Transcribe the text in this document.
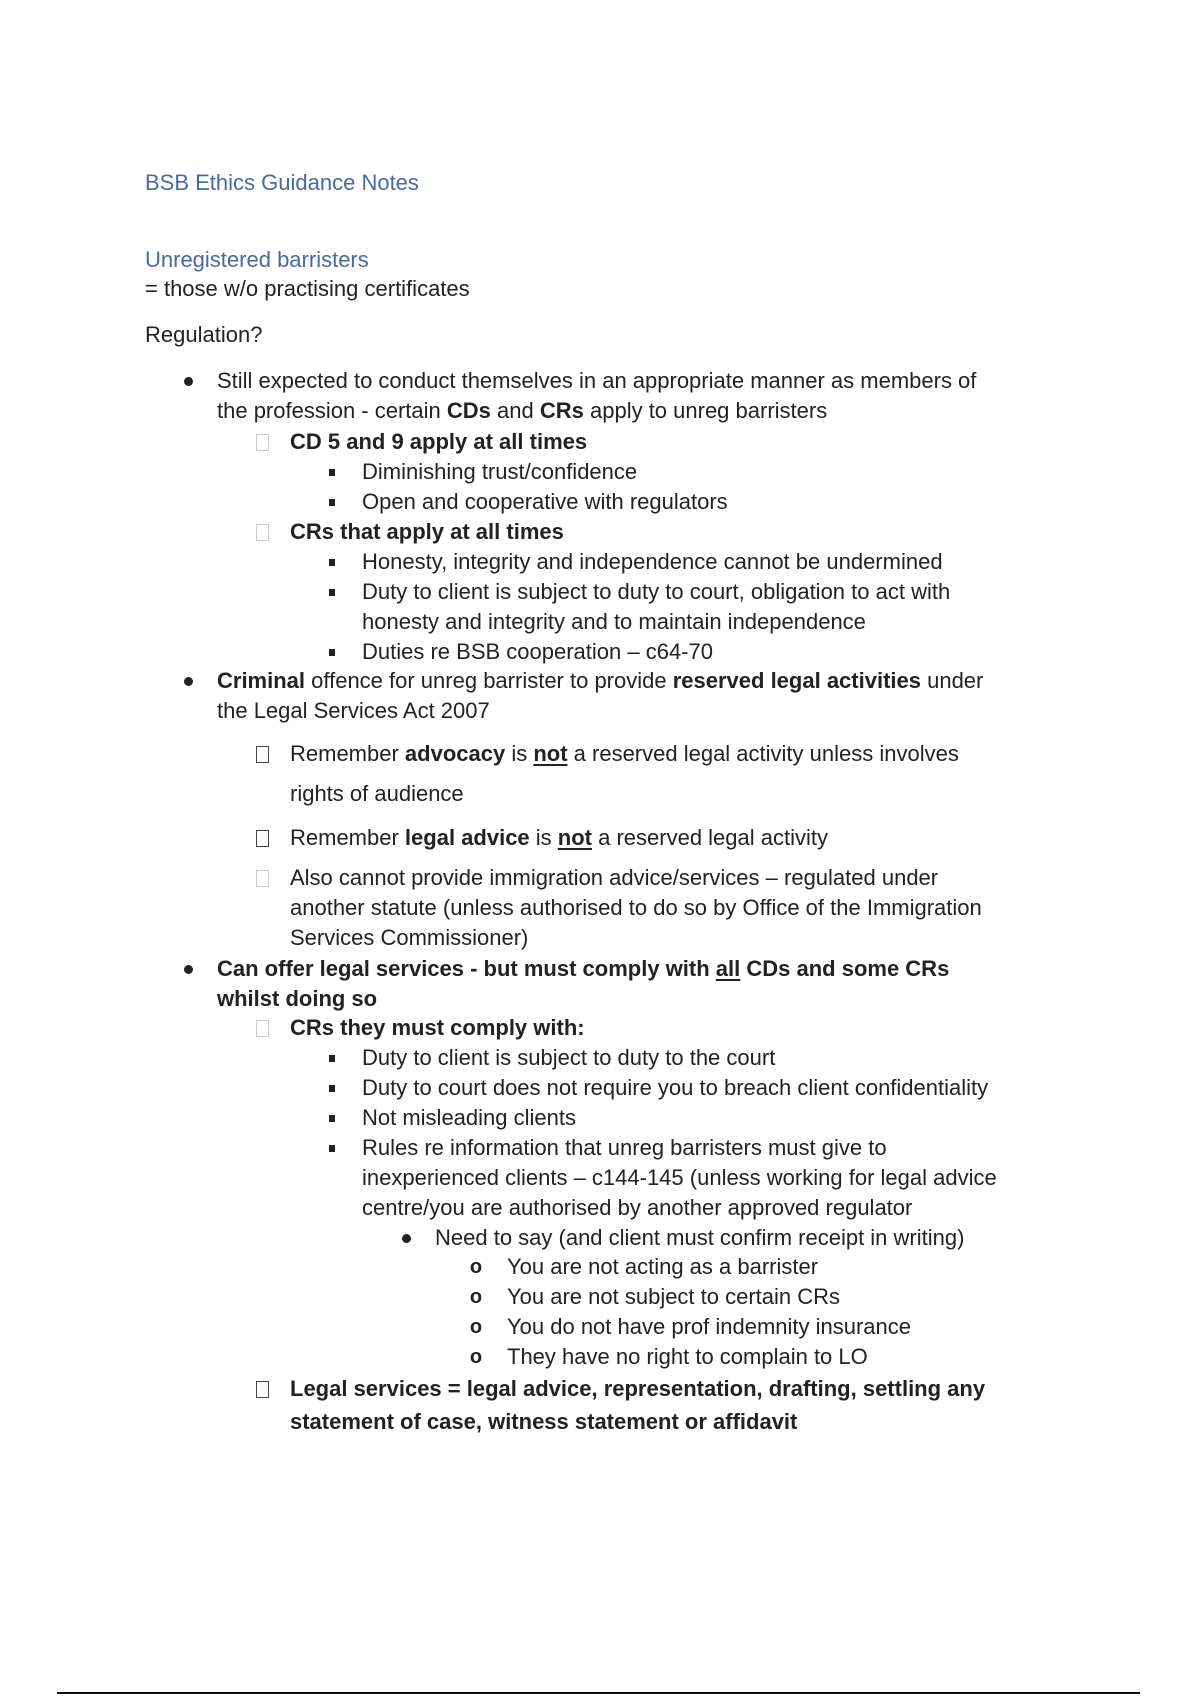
BSB Ethics Guidance Notes
Unregistered barristers
= those w/o practising certificates
Regulation?
Still expected to conduct themselves in an appropriate manner as members of
the profession - certain CDs and CRs apply to unreg barristers
CD 5 and 9 apply at all times
Diminishing trust/confidence
Open and cooperative with regulators
CRs that apply at all times
Honesty, integrity and independence cannot be undermined
Duty to client is subject to duty to court, obligation to act with
honesty and integrity and to maintain independence
Duties re BSB cooperation – c64-70
Criminal offence for unreg barrister to provide reserved legal activities under
the Legal Services Act 2007
Remember advocacy is not a reserved legal activity unless involves
rights of audience
Remember legal advice is not a reserved legal activity
Also cannot provide immigration advice/services – regulated under
another statute (unless authorised to do so by Office of the Immigration
Services Commissioner)
Can offer legal services - but must comply with all CDs and some CRs
whilst doing so
CRs they must comply with:
Duty to client is subject to duty to the court
Duty to court does not require you to breach client confidentiality
Not misleading clients
Rules re information that unreg barristers must give to
inexperienced clients – c144-145 (unless working for legal advice
centre/you are authorised by another approved regulator
Need to say (and client must confirm receipt in writing)
o You are not acting as a barrister
o You are not subject to certain CRs
o You do not have prof indemnity insurance
o They have no right to complain to LO
Legal services = legal advice, representation, drafting, settling any
statement of case, witness statement or affidavit
